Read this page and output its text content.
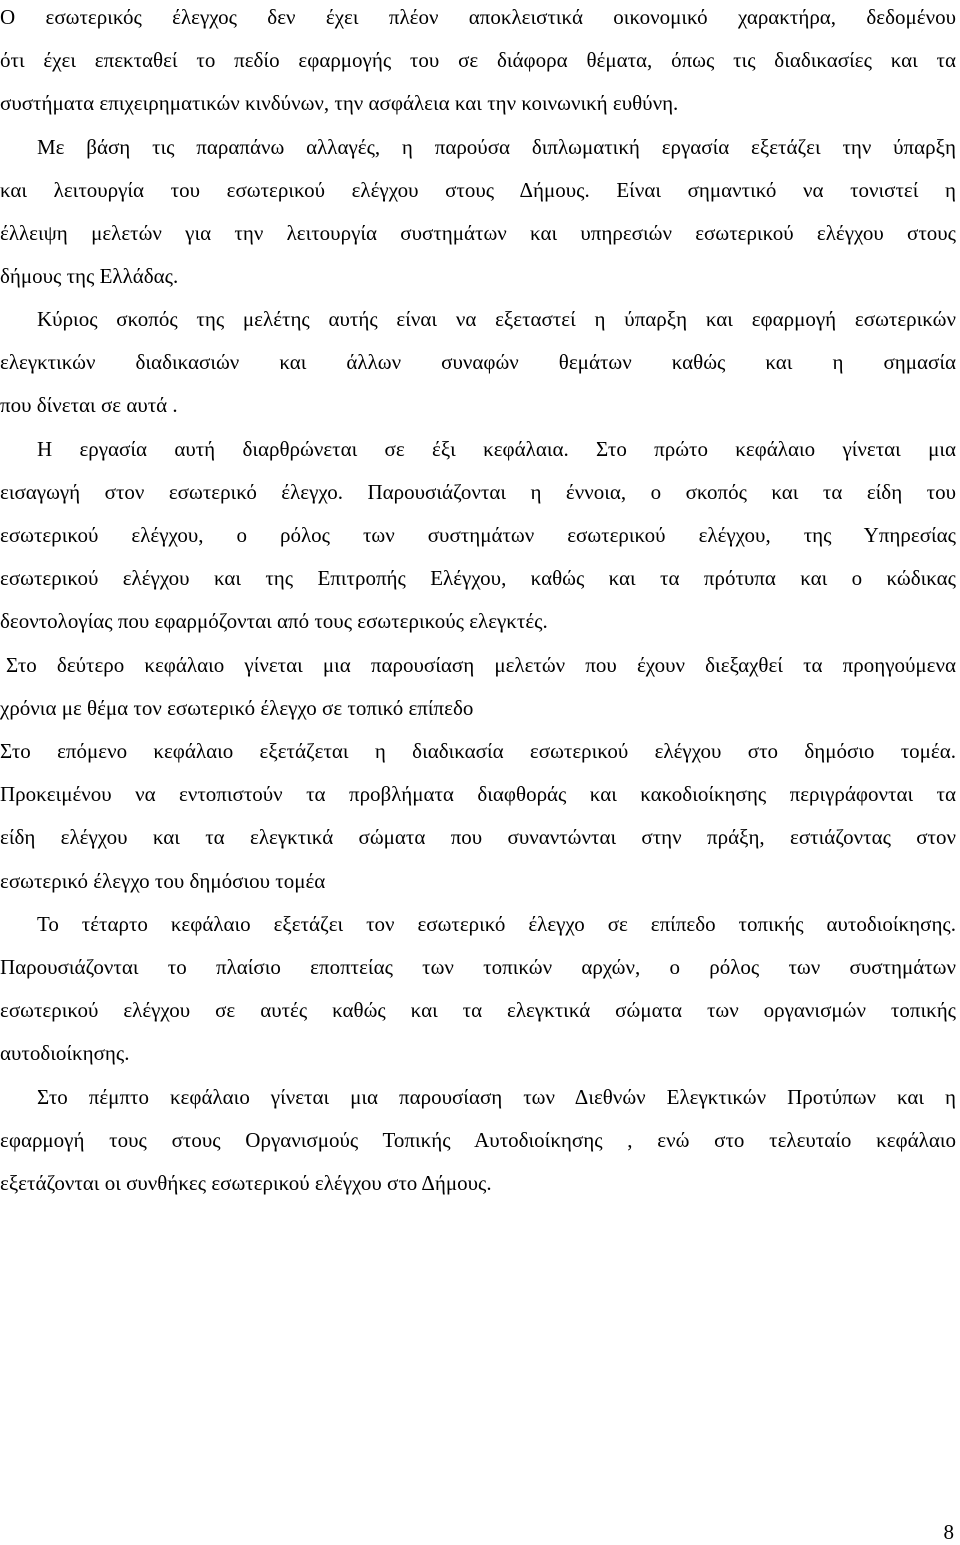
Ο εσωτερικός έλεγχος δεν έχει πλέον αποκλειστικά οικονομικό χαρακτήρα, δεδομένου
ότι έχει επεκταθεί το πεδίο εφαρμογής του σε διάφορα θέματα, όπως τις διαδικασίες και τα
συστήματα επιχειρηματικών κινδύνων, την ασφάλεια και την κοινωνική ευθύνη.
Με βάση τις παραπάνω αλλαγές, η παρούσα διπλωματική εργασία εξετάζει την ύπαρξη
και λειτουργία του εσωτερικού ελέγχου στους Δήμους. Είναι σημαντικό να τονιστεί η
έλλειψη μελετών για την λειτουργία συστημάτων και υπηρεσιών εσωτερικού ελέγχου στους
δήμους της Ελλάδας.
Κύριος σκοπός της μελέτης αυτής είναι να εξεταστεί η ύπαρξη και εφαρμογή εσωτερικών
ελεγκτικών διαδικασιών και άλλων συναφών θεμάτων καθώς και η σημασία
που δίνεται σε αυτά .
Η εργασία αυτή διαρθρώνεται σε έξι κεφάλαια. Στο πρώτο κεφάλαιο γίνεται μια
εισαγωγή στον εσωτερικό έλεγχο. Παρουσιάζονται η έννοια, ο σκοπός και τα είδη του
εσωτερικού ελέγχου, ο ρόλος των συστημάτων εσωτερικού ελέγχου, της Υπηρεσίας
εσωτερικού ελέγχου και της Επιτροπής Ελέγχου, καθώς και τα πρότυπα και ο κώδικας
δεοντολογίας που εφαρμόζονται από τους εσωτερικούς ελεγκτές.
Στο δεύτερο κεφάλαιο γίνεται μια παρουσίαση μελετών που έχουν διεξαχθεί τα προηγούμενα
χρόνια με θέμα τον εσωτερικό έλεγχο σε τοπικό επίπεδο
Στο επόμενο κεφάλαιο εξετάζεται η διαδικασία εσωτερικού ελέγχου στο δημόσιο τομέα.
Προκειμένου να εντοπιστούν τα προβλήματα διαφθοράς και κακοδιοίκησης περιγράφονται τα
είδη ελέγχου και τα ελεγκτικά σώματα που συναντώνται στην πράξη, εστιάζοντας στον
εσωτερικό έλεγχο του δημόσιου τομέα
Το τέταρτο κεφάλαιο εξετάζει τον εσωτερικό έλεγχο σε επίπεδο τοπικής αυτοδιοίκησης.
Παρουσιάζονται το πλαίσιο εποπτείας των τοπικών αρχών, ο ρόλος των συστημάτων
εσωτερικού ελέγχου σε αυτές καθώς και τα ελεγκτικά σώματα των οργανισμών τοπικής
αυτοδιοίκησης.
Στο πέμπτο κεφάλαιο γίνεται μια παρουσίαση των Διεθνών Ελεγκτικών Προτύπων και η
εφαρμογή τους στους Οργανισμούς Τοπικής Αυτοδιοίκησης , ενώ στο τελευταίο κεφάλαιο
εξετάζονται οι συνθήκες εσωτερικού ελέγχου στο Δήμους.
8
